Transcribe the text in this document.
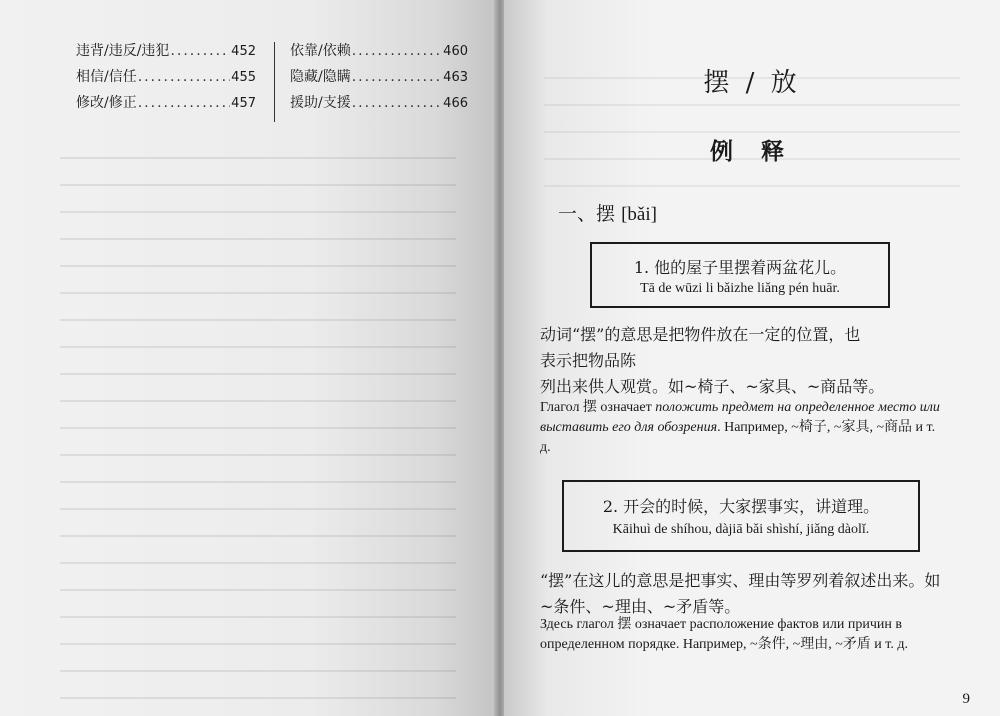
违背/违反/违犯 .....	452
相信/信任 .....	455
修改/修正 .....	457
依靠/依赖 .....	460
隐藏/隐瞒 .....	463
援助/支援 .....	466
摆 / 放
例 释
一、摆 [bǎi]
1. 他的屋子里摆着两盆花儿。
Tā de wūzi li bǎizhe liǎng pén huār.
动词“摆”的意思是把物件放在一定的位置，也
表示把物品陈
列出来供人观赏。如~椅子、~家具、~商品等。
Глагол 摆 означает положить предмет на определенное место или выставить его для обозрения. Например, ~椅子, ~家具, ~商品 и т. д.
2. 开会的时候，大家摆事实，讲道理。
Kāihuì de shíhou, dàjiā bǎi shìshí, jiǎng dàolǐ.
“摆”在这儿的意思是把事实、理由等罗列着叙述出来。如~条件、~理由、~矛盾等。
Здесь глагол 摆 означает расположение фактов или причин в определенном порядке. Например, ~条件, ~理由, ~矛盾 и т. д.
9
